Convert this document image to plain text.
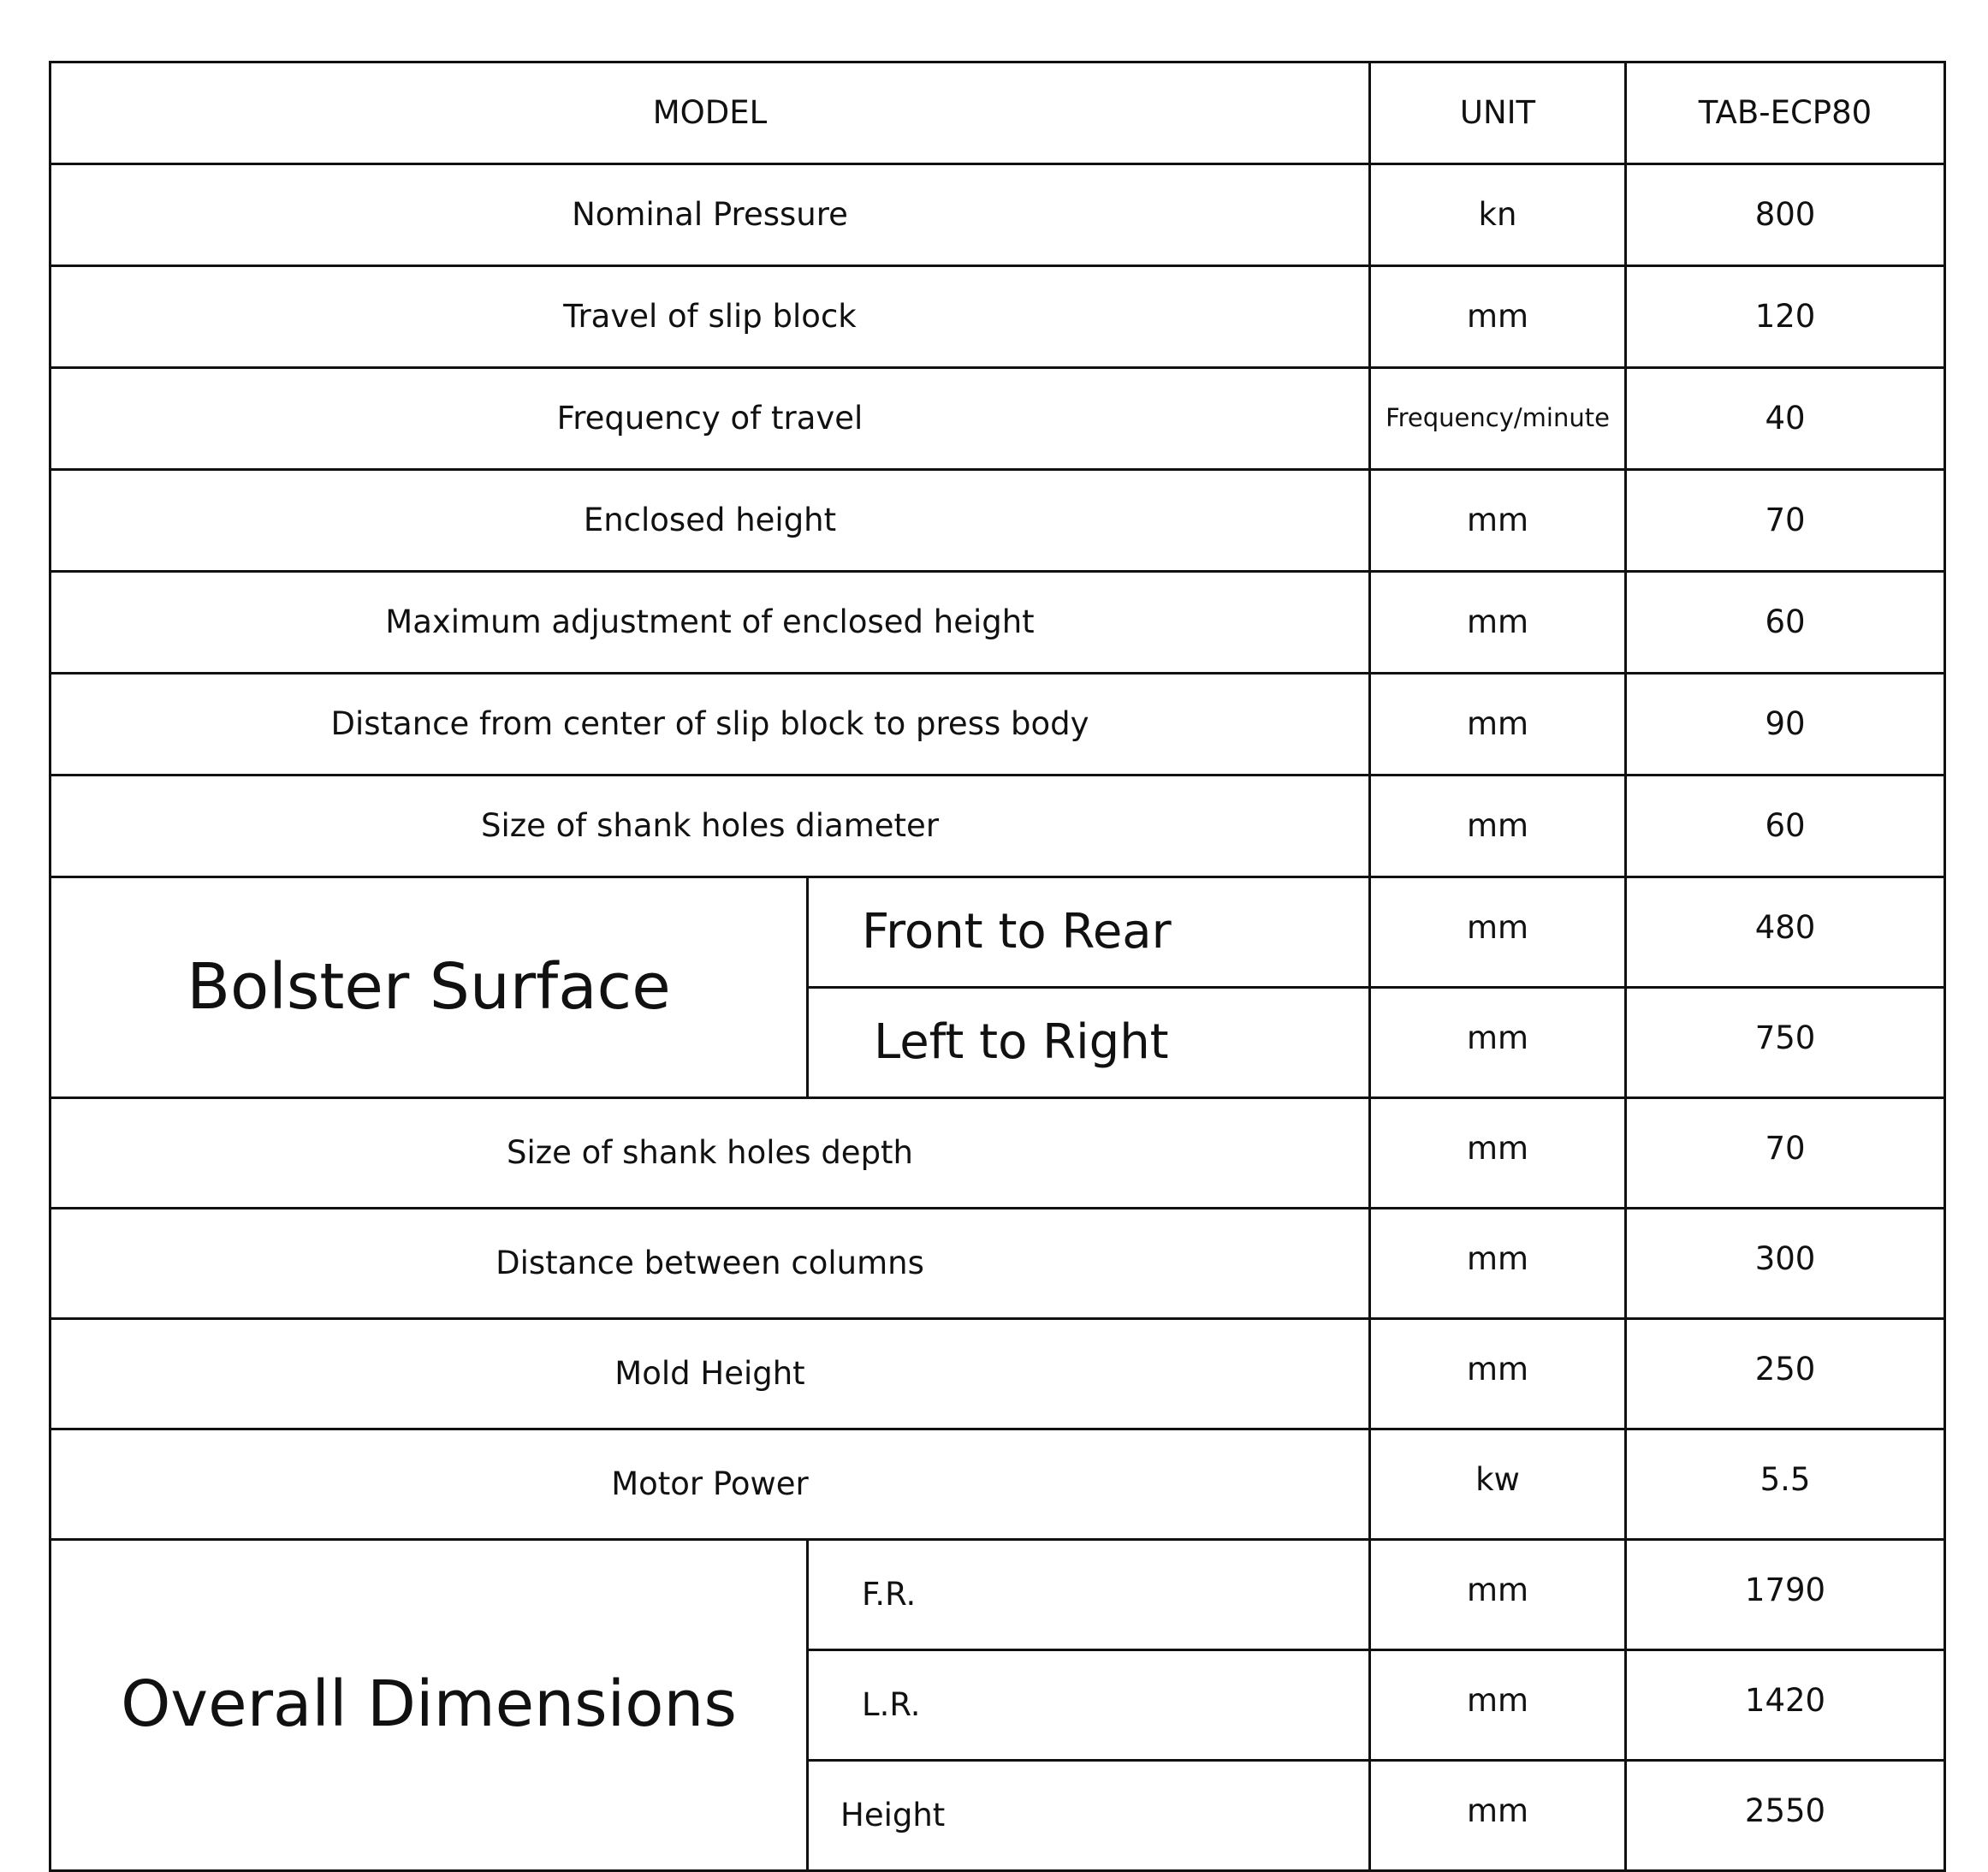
MODEL		UNIT	TAB-ECP80
Nominal Pressure		kn	800
Travel of slip block		mm	120
Frequency of travel		Frequency/minute	40
Enclosed height		mm	70
Maximum adjustment of enclosed height		mm	60
Distance from center of slip block to press body		mm	90
Size of shank holes diameter		mm	60
Bolster Surface	Front to Rear	mm	480
	Left to Right	mm	750
Size of shank holes depth		mm	70
Distance between columns		mm	300
Mold Height		mm	250
Motor Power		kw	5.5
Overall Dimensions	F.R.	mm	1790
	L.R.	mm	1420
	Height	mm	2550
